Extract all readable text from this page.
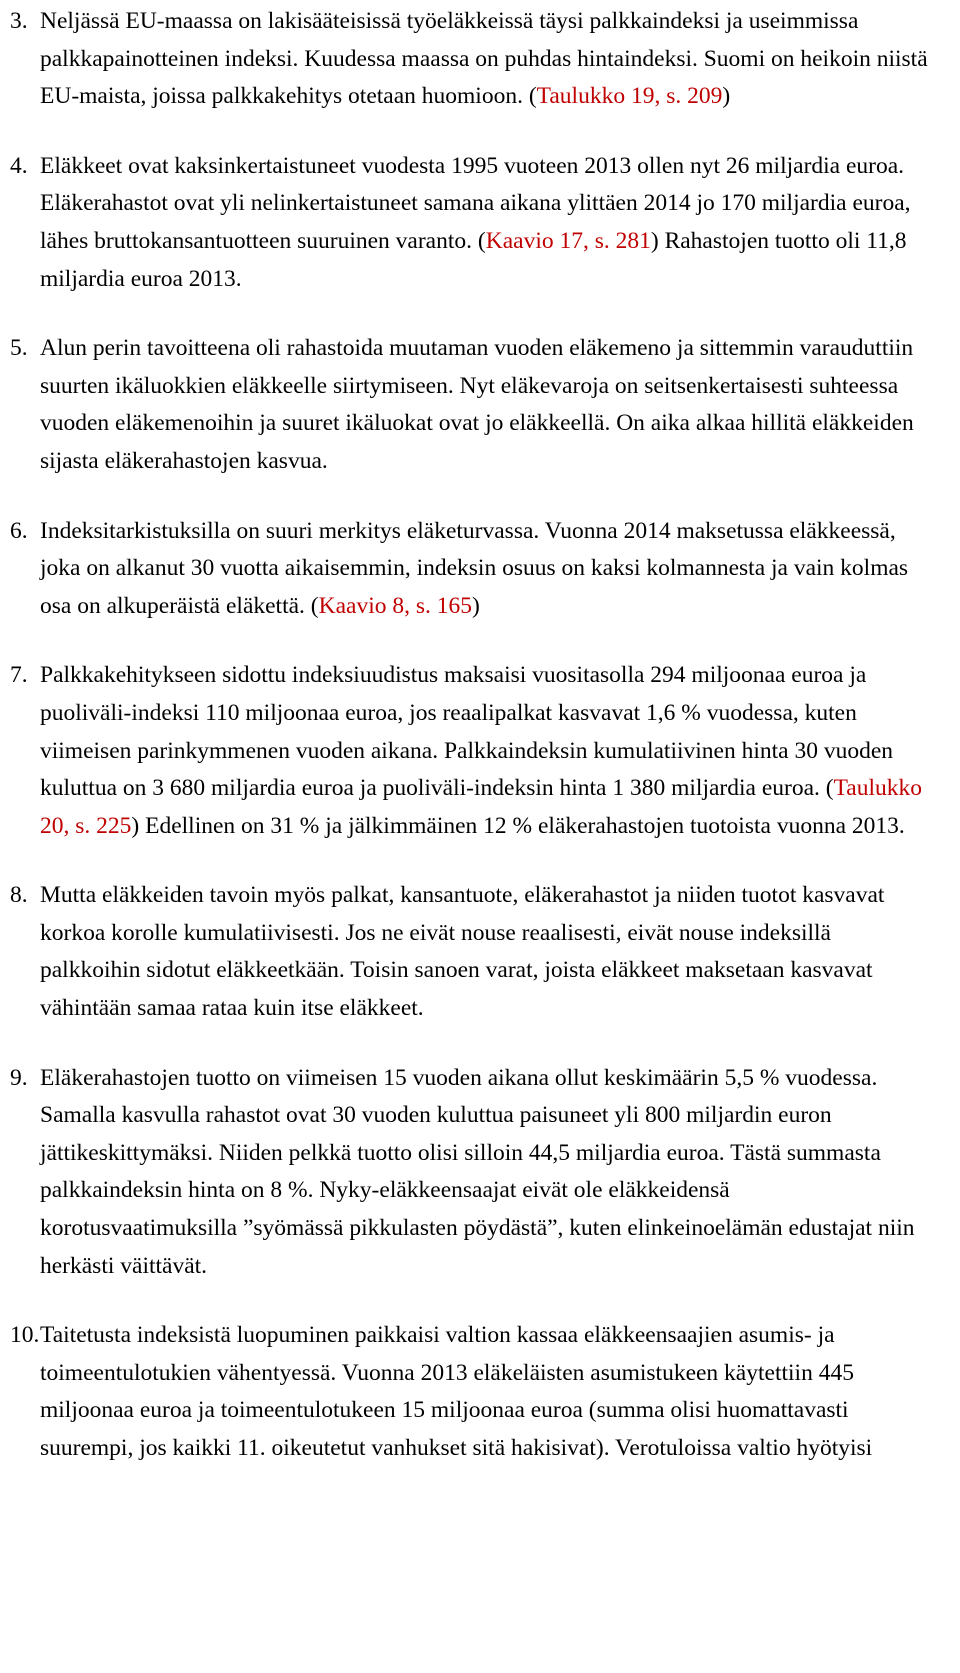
3. Neljässä EU-maassa on lakisääteisissä työeläkkeissä täysi palkkaindeksi ja useimmissa palkkapainotteinen indeksi. Kuudessa maassa on puhdas hintaindeksi. Suomi on heikoin niistä EU-maista, joissa palkkakehitys otetaan huomioon. (Taulukko 19, s. 209)
4. Eläkkeet ovat kaksinkertaistuneet vuodesta 1995 vuoteen 2013 ollen nyt 26 miljardia euroa. Eläkerahastot ovat yli nelinkertaistuneet samana aikana ylittäen 2014 jo 170 miljardia euroa, lähes bruttokansantuotteen suuruinen varanto. (Kaavio 17, s. 281) Rahastojen tuotto oli 11,8 miljardia euroa 2013.
5. Alun perin tavoitteena oli rahastoida muutaman vuoden eläkemeno ja sittemmin varauduttiin suurten ikäluokkien eläkkeelle siirtymiseen. Nyt eläkevaroja on seitsenkertaisesti suhteessa vuoden eläkemenoihin ja suuret ikäluokat ovat jo eläkkeellä. On aika alkaa hillitä eläkkeiden sijasta eläkerahastojen kasvua.
6. Indeksitarkistuksilla on suuri merkitys eläketurvassa. Vuonna 2014 maksetussa eläkkeessä, joka on alkanut 30 vuotta aikaisemmin, indeksin osuus on kaksi kolmannesta ja vain kolmas osa on alkuperäistä eläkettä. (Kaavio 8, s. 165)
7. Palkkakehitykseen sidottu indeksiuudistus maksaisi vuositasolla 294 miljoonaa euroa ja puoliväli-indeksi 110 miljoonaa euroa, jos reaalipalkat kasvavat 1,6 % vuodessa, kuten viimeisen parinkymmenen vuoden aikana. Palkkaindeksin kumulatiivinen hinta 30 vuoden kuluttua on 3 680 miljardia euroa ja puoliväli-indeksin hinta 1 380 miljardia euroa. (Taulukko 20, s. 225) Edellinen on 31 % ja jälkimmäinen 12 % eläkerahastojen tuotoista vuonna 2013.
8. Mutta eläkkeiden tavoin myös palkat, kansantuote, eläkerahastot ja niiden tuotot kasvavat korkoa korolle kumulatiivisesti. Jos ne eivät nouse reaalisesti, eivät nouse indeksillä palkkoihin sidotut eläkkeetkään. Toisin sanoen varat, joista eläkkeet maksetaan kasvavat vähintään samaa rataa kuin itse eläkkeet.
9. Eläkerahastojen tuotto on viimeisen 15 vuoden aikana ollut keskimäärin 5,5 % vuodessa. Samalla kasvulla rahastot ovat 30 vuoden kuluttua paisuneet yli 800 miljardin euron jättikeskittymäksi. Niiden pelkkä tuotto olisi silloin 44,5 miljardia euroa. Tästä summasta palkkaindeksin hinta on 8 %. Nyky-eläkkeensaajat eivät ole eläkkeidensä korotusvaatimuksilla ”syömässä pikkulasten pöydästä”, kuten elinkeinoelämän edustajat niin herkästi väittävät.
10. Taitetusta indeksistä luopuminen paikkaisi valtion kassaa eläkkeensaajien asumis- ja toimeentulotukien vähentyessä. Vuonna 2013 eläkeläisten asumistukeen käytettiin 445 miljoonaa euroa ja toimeentulotukeen 15 miljoonaa euroa (summa olisi huomattavasti suurempi, jos kaikki 11. oikeutetut vanhukset sitä hakisivat). Verotuloissa valtio hyötyisi
